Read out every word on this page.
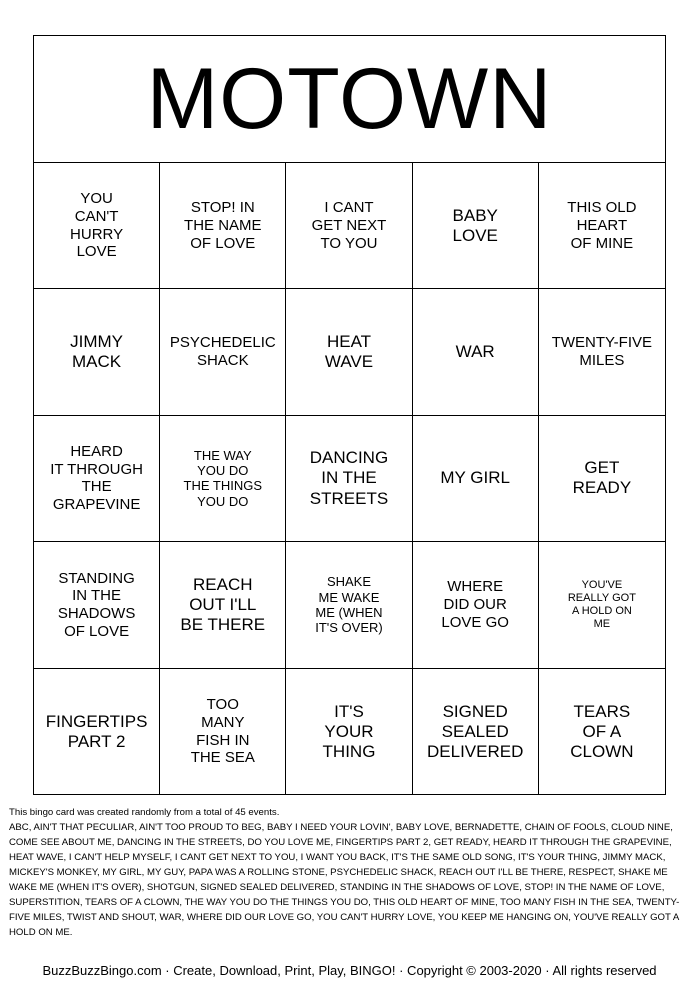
MOTOWN
YOU
CAN'T
HURRY
LOVE
STOP! IN
THE NAME
OF LOVE
I CANT
GET NEXT
TO YOU
BABY
LOVE
THIS OLD
HEART
OF MINE
JIMMY
MACK
PSYCHEDELIC
SHACK
HEAT
WAVE
WAR	TWENTY-FIVE
MILES
HEARD
IT THROUGH
THE
GRAPEVINE
THE WAY
YOU DO
THE THINGS
YOU DO
DANCING
IN THE
STREETS
MY GIRL
GET
READY
STANDING
IN THE
SHADOWS
OF LOVE
REACH
OUT I'LL
BE THERE
SHAKE
ME WAKE
ME (WHEN
IT'S OVER)
WHERE
DID OUR
LOVE GO
YOU'VE
REALLY GOT
A HOLD ON
ME
FINGERTIPS
PART 2
TOO
MANY
FISH IN
THE SEA
IT'S
YOUR
THING
SIGNED
SEALED
DELIVERED
TEARS
OF A
CLOWN
This bingo card was created randomly from a total of 45 events.
ABC, AIN'T THAT PECULIAR, AIN'T TOO PROUD TO BEG, BABY I NEED YOUR LOVIN', BABY LOVE, BERNADETTE, CHAIN OF FOOLS, CLOUD NINE, COME SEE ABOUT ME, DANCING IN THE STREETS, DO YOU LOVE ME, FINGERTIPS PART 2, GET READY, HEARD IT THROUGH THE GRAPEVINE, HEAT WAVE, I CAN'T HELP MYSELF, I CANT GET NEXT TO YOU, I WANT YOU BACK, IT'S THE SAME OLD SONG, IT'S YOUR THING, JIMMY MACK, MICKEY'S MONKEY, MY GIRL, MY GUY, PAPA WAS A ROLLING STONE, PSYCHEDELIC SHACK, REACH OUT I'LL BE THERE, RESPECT, SHAKE ME WAKE ME (WHEN IT'S OVER), SHOTGUN, SIGNED SEALED DELIVERED, STANDING IN THE SHADOWS OF LOVE, STOP! IN THE NAME OF LOVE, SUPERSTITION, TEARS OF A CLOWN, THE WAY YOU DO THE THINGS YOU DO, THIS OLD HEART OF MINE, TOO MANY FISH IN THE SEA, TWENTY-FIVE MILES, TWIST AND SHOUT, WAR, WHERE DID OUR LOVE GO, YOU CAN'T HURRY LOVE, YOU KEEP ME HANGING ON, YOU'VE REALLY GOT A HOLD ON ME.
BuzzBuzzBingo.com · Create, Download, Print, Play, BINGO! · Copyright © 2003-2020 · All rights reserved
